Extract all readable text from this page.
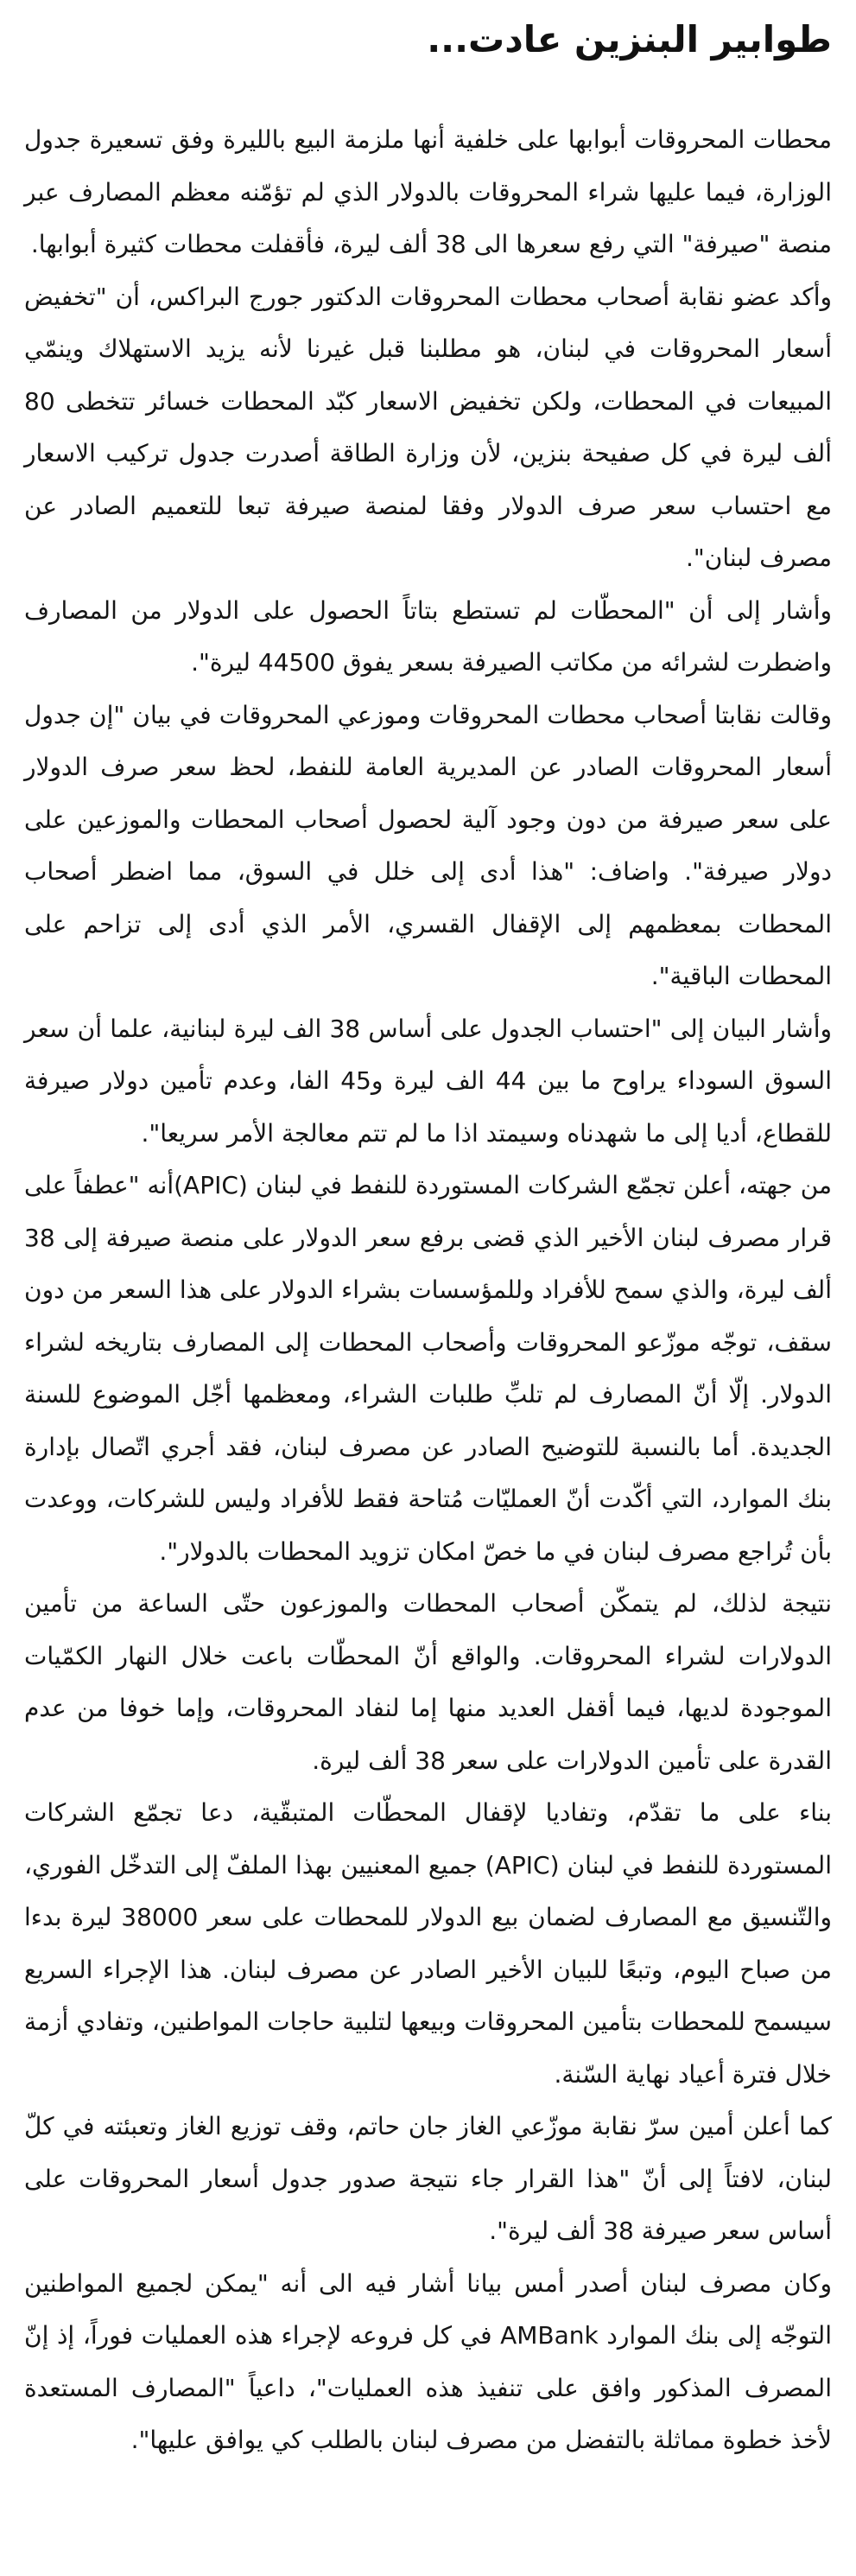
طوابير البنزين عادت...

محطات المحروقات أبوابها على خلفية أنها ملزمة البيع بالليرة وفق تسعيرة جدول الوزارة، فيما عليها شراء المحروقات بالدولار الذي لم تؤمّنه معظم المصارف عبر منصة "صيرفة" التي رفع سعرها الى 38 ألف ليرة، فأقفلت محطات كثيرة أبوابها.

وأكد عضو نقابة أصحاب محطات المحروقات الدكتور جورج البراكس، أن "تخفيض أسعار المحروقات في لبنان، هو مطلبنا قبل غيرنا لأنه يزيد الاستهلاك وينمّي المبيعات في المحطات، ولكن تخفيض الاسعار كبّد المحطات خسائر تتخطى 80 ألف ليرة في كل صفيحة بنزين، لأن وزارة الطاقة أصدرت جدول تركيب الاسعار مع احتساب سعر صرف الدولار وفقا لمنصة صيرفة تبعا للتعميم الصادر عن مصرف لبنان".

وأشار إلى أن "المحطّات لم تستطع بتاتاً الحصول على الدولار من المصارف واضطرت لشرائه من مكاتب الصيرفة بسعر يفوق 44500 ليرة".

وقالت نقابتا أصحاب محطات المحروقات وموزعي المحروقات في بيان "إن جدول أسعار المحروقات الصادر عن المديرية العامة للنفط، لحظ سعر صرف الدولار على سعر صيرفة من دون وجود آلية لحصول أصحاب المحطات والموزعين على دولار صيرفة". واضاف: "هذا أدى إلى خلل في السوق، مما اضطر أصحاب المحطات بمعظمهم إلى الإقفال القسري، الأمر الذي أدى إلى تزاحم على المحطات الباقية".

وأشار البيان إلى "احتساب الجدول على أساس 38 الف ليرة لبنانية، علما أن سعر السوق السوداء يراوح ما بين 44 الف ليرة و45 الفا، وعدم تأمين دولار صيرفة للقطاع، أديا إلى ما شهدناه وسيمتد اذا ما لم تتم معالجة الأمر سريعا".

من جهته، أعلن تجمّع الشركات المستوردة للنفط في لبنان (APIC)أنه "عطفاً على قرار مصرف لبنان الأخير الذي قضى برفع سعر الدولار على منصة صيرفة إلى 38 ألف ليرة، والذي سمح للأفراد وللمؤسسات بشراء الدولار على هذا السعر من دون سقف، توجّه موزّعو المحروقات وأصحاب المحطات إلى المصارف بتاريخه لشراء الدولار. إلّا أنّ المصارف لم تلبِّ طلبات الشراء، ومعظمها أجّل الموضوع للسنة الجديدة. أما بالنسبة للتوضيح الصادر عن مصرف لبنان، فقد أجري اتّصال بإدارة بنك الموارد، التي أكّدت أنّ العمليّات مُتاحة فقط للأفراد وليس للشركات، ووعدت بأن تُراجع مصرف لبنان في ما خصّ امكان تزويد المحطات بالدولار".

نتيجة لذلك، لم يتمكّن أصحاب المحطات والموزعون حتّى الساعة من تأمين الدولارات لشراء المحروقات. والواقع أنّ المحطّات باعت خلال النهار الكمّيات الموجودة لديها، فيما أقفل العديد منها إما لنفاد المحروقات، وإما خوفا من عدم القدرة على تأمين الدولارات على سعر 38 ألف ليرة.

بناء على ما تقدّم، وتفاديا لإقفال المحطّات المتبقّية، دعا تجمّع الشركات المستوردة للنفط في لبنان (APIC) جميع المعنيين بهذا الملفّ إلى التدخّل الفوري، والتّنسيق مع المصارف لضمان بيع الدولار للمحطات على سعر 38000 ليرة بدءا من صباح اليوم، وتبعًا للبيان الأخير الصادر عن مصرف لبنان. هذا الإجراء السريع سيسمح للمحطات بتأمين المحروقات وبيعها لتلبية حاجات المواطنين، وتفادي أزمة خلال فترة أعياد نهاية السّنة.

كما أعلن أمين سرّ نقابة موزّعي الغاز جان حاتم، وقف توزيع الغاز وتعبئته في كلّ لبنان، لافتاً إلى أنّ "هذا القرار جاء نتيجة صدور جدول أسعار المحروقات على أساس سعر صيرفة 38 ألف ليرة".

وكان مصرف لبنان أصدر أمس بيانا أشار فيه الى أنه "يمكن لجميع المواطنين التوجّه إلى بنك الموارد AMBank في كل فروعه لإجراء هذه العمليات فوراً، إذ إنّ المصرف المذكور وافق على تنفيذ هذه العمليات"، داعياً "المصارف المستعدة لأخذ خطوة مماثلة بالتفضل من مصرف لبنان بالطلب كي يوافق عليها".
